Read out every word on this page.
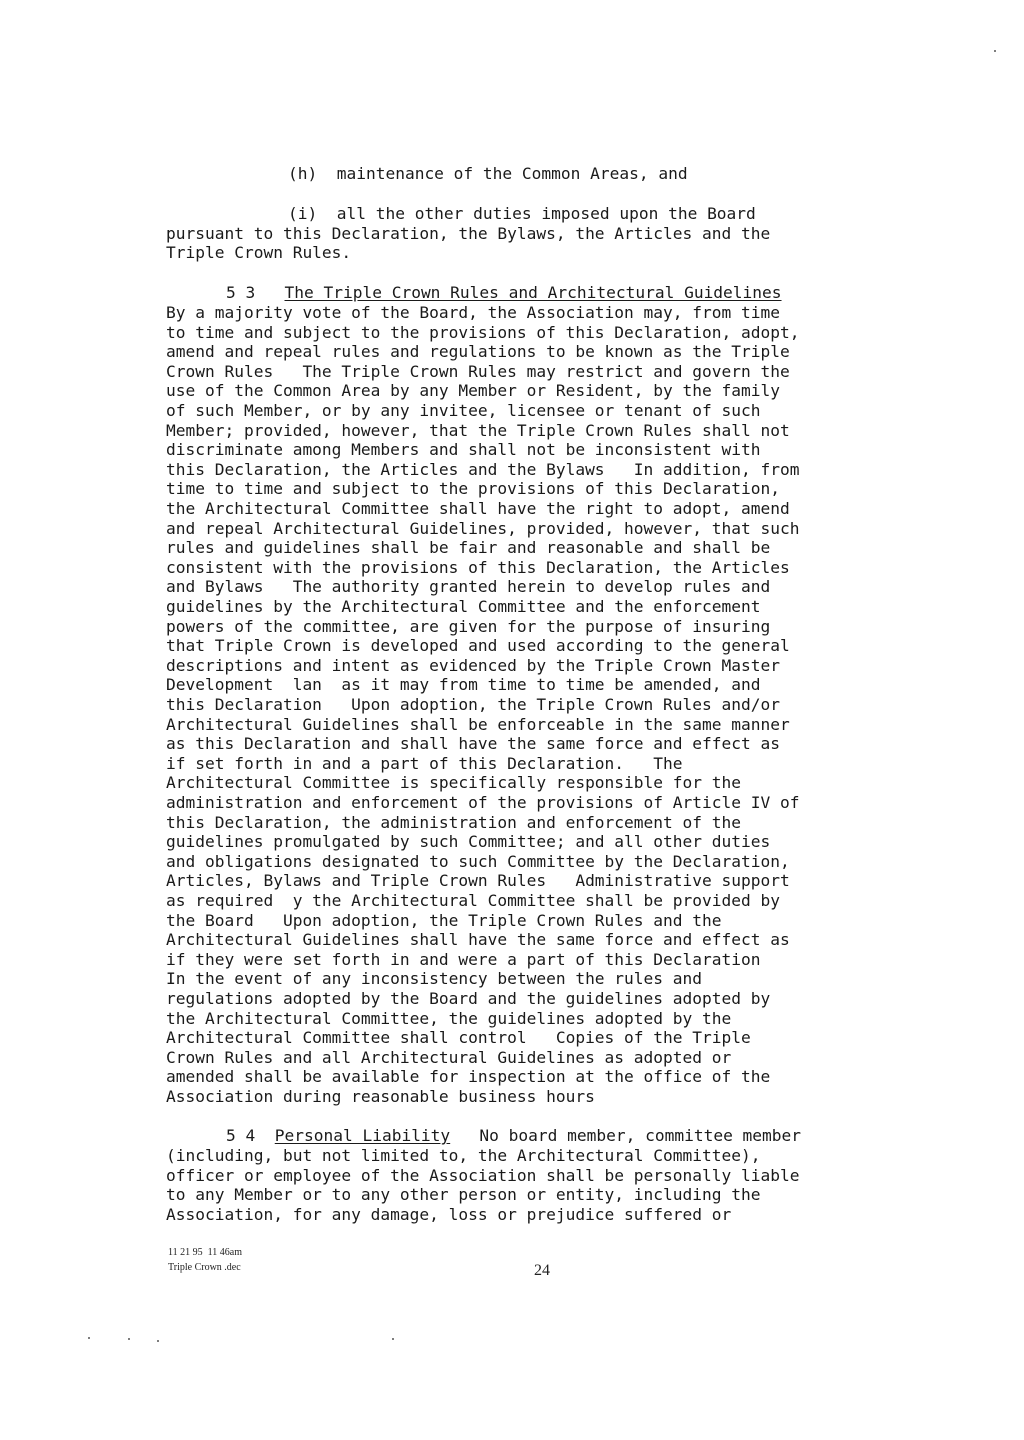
(h)  maintenance of the Common Areas, and
(i)  all the other duties imposed upon the Board
pursuant to this Declaration, the Bylaws, the Articles and the
Triple Crown Rules.
5 3 The Triple Crown Rules and Architectural Guidelines
By a majority vote of the Board, the Association may, from time
to time and subject to the provisions of this Declaration, adopt,
amend and repeal rules and regulations to be known as the Triple
Crown Rules   The Triple Crown Rules may restrict and govern the
use of the Common Area by any Member or Resident, by the family
of such Member, or by any invitee, licensee or tenant of such
Member; provided, however, that the Triple Crown Rules shall not
discriminate among Members and shall not be inconsistent with
this Declaration, the Articles and the Bylaws   In addition, from
time to time and subject to the provisions of this Declaration,
the Architectural Committee shall have the right to adopt, amend
and repeal Architectural Guidelines, provided, however, that such
rules and guidelines shall be fair and reasonable and shall be
consistent with the provisions of this Declaration, the Articles
and Bylaws   The authority granted herein to develop rules and
guidelines by the Architectural Committee and the enforcement
powers of the committee, are given for the purpose of insuring
that Triple Crown is developed and used according to the general
descriptions and intent as evidenced by the Triple Crown Master
Development  lan  as it may from time to time be amended, and
this Declaration   Upon adoption, the Triple Crown Rules and/or
Architectural Guidelines shall be enforceable in the same manner
as this Declaration and shall have the same force and effect as
if set forth in and a part of this Declaration.   The
Architectural Committee is specifically responsible for the
administration and enforcement of the provisions of Article IV of
this Declaration, the administration and enforcement of the
guidelines promulgated by such Committee; and all other duties
and obligations designated to such Committee by the Declaration,
Articles, Bylaws and Triple Crown Rules   Administrative support
as required  y the Architectural Committee shall be provided by
the Board   Upon adoption, the Triple Crown Rules and the
Architectural Guidelines shall have the same force and effect as
if they were set forth in and were a part of this Declaration
In the event of any inconsistency between the rules and
regulations adopted by the Board and the guidelines adopted by
the Architectural Committee, the guidelines adopted by the
Architectural Committee shall control   Copies of the Triple
Crown Rules and all Architectural Guidelines as adopted or
amended shall be available for inspection at the office of the
Association during reasonable business hours
5 4 Personal Liability   No board member, committee member
(including, but not limited to, the Architectural Committee),
officer or employee of the Association shall be personally liable
to any Member or to any other person or entity, including the
Association, for any damage, loss or prejudice suffered or
11 21 95  11 46am
Triple Crown .dec	24
